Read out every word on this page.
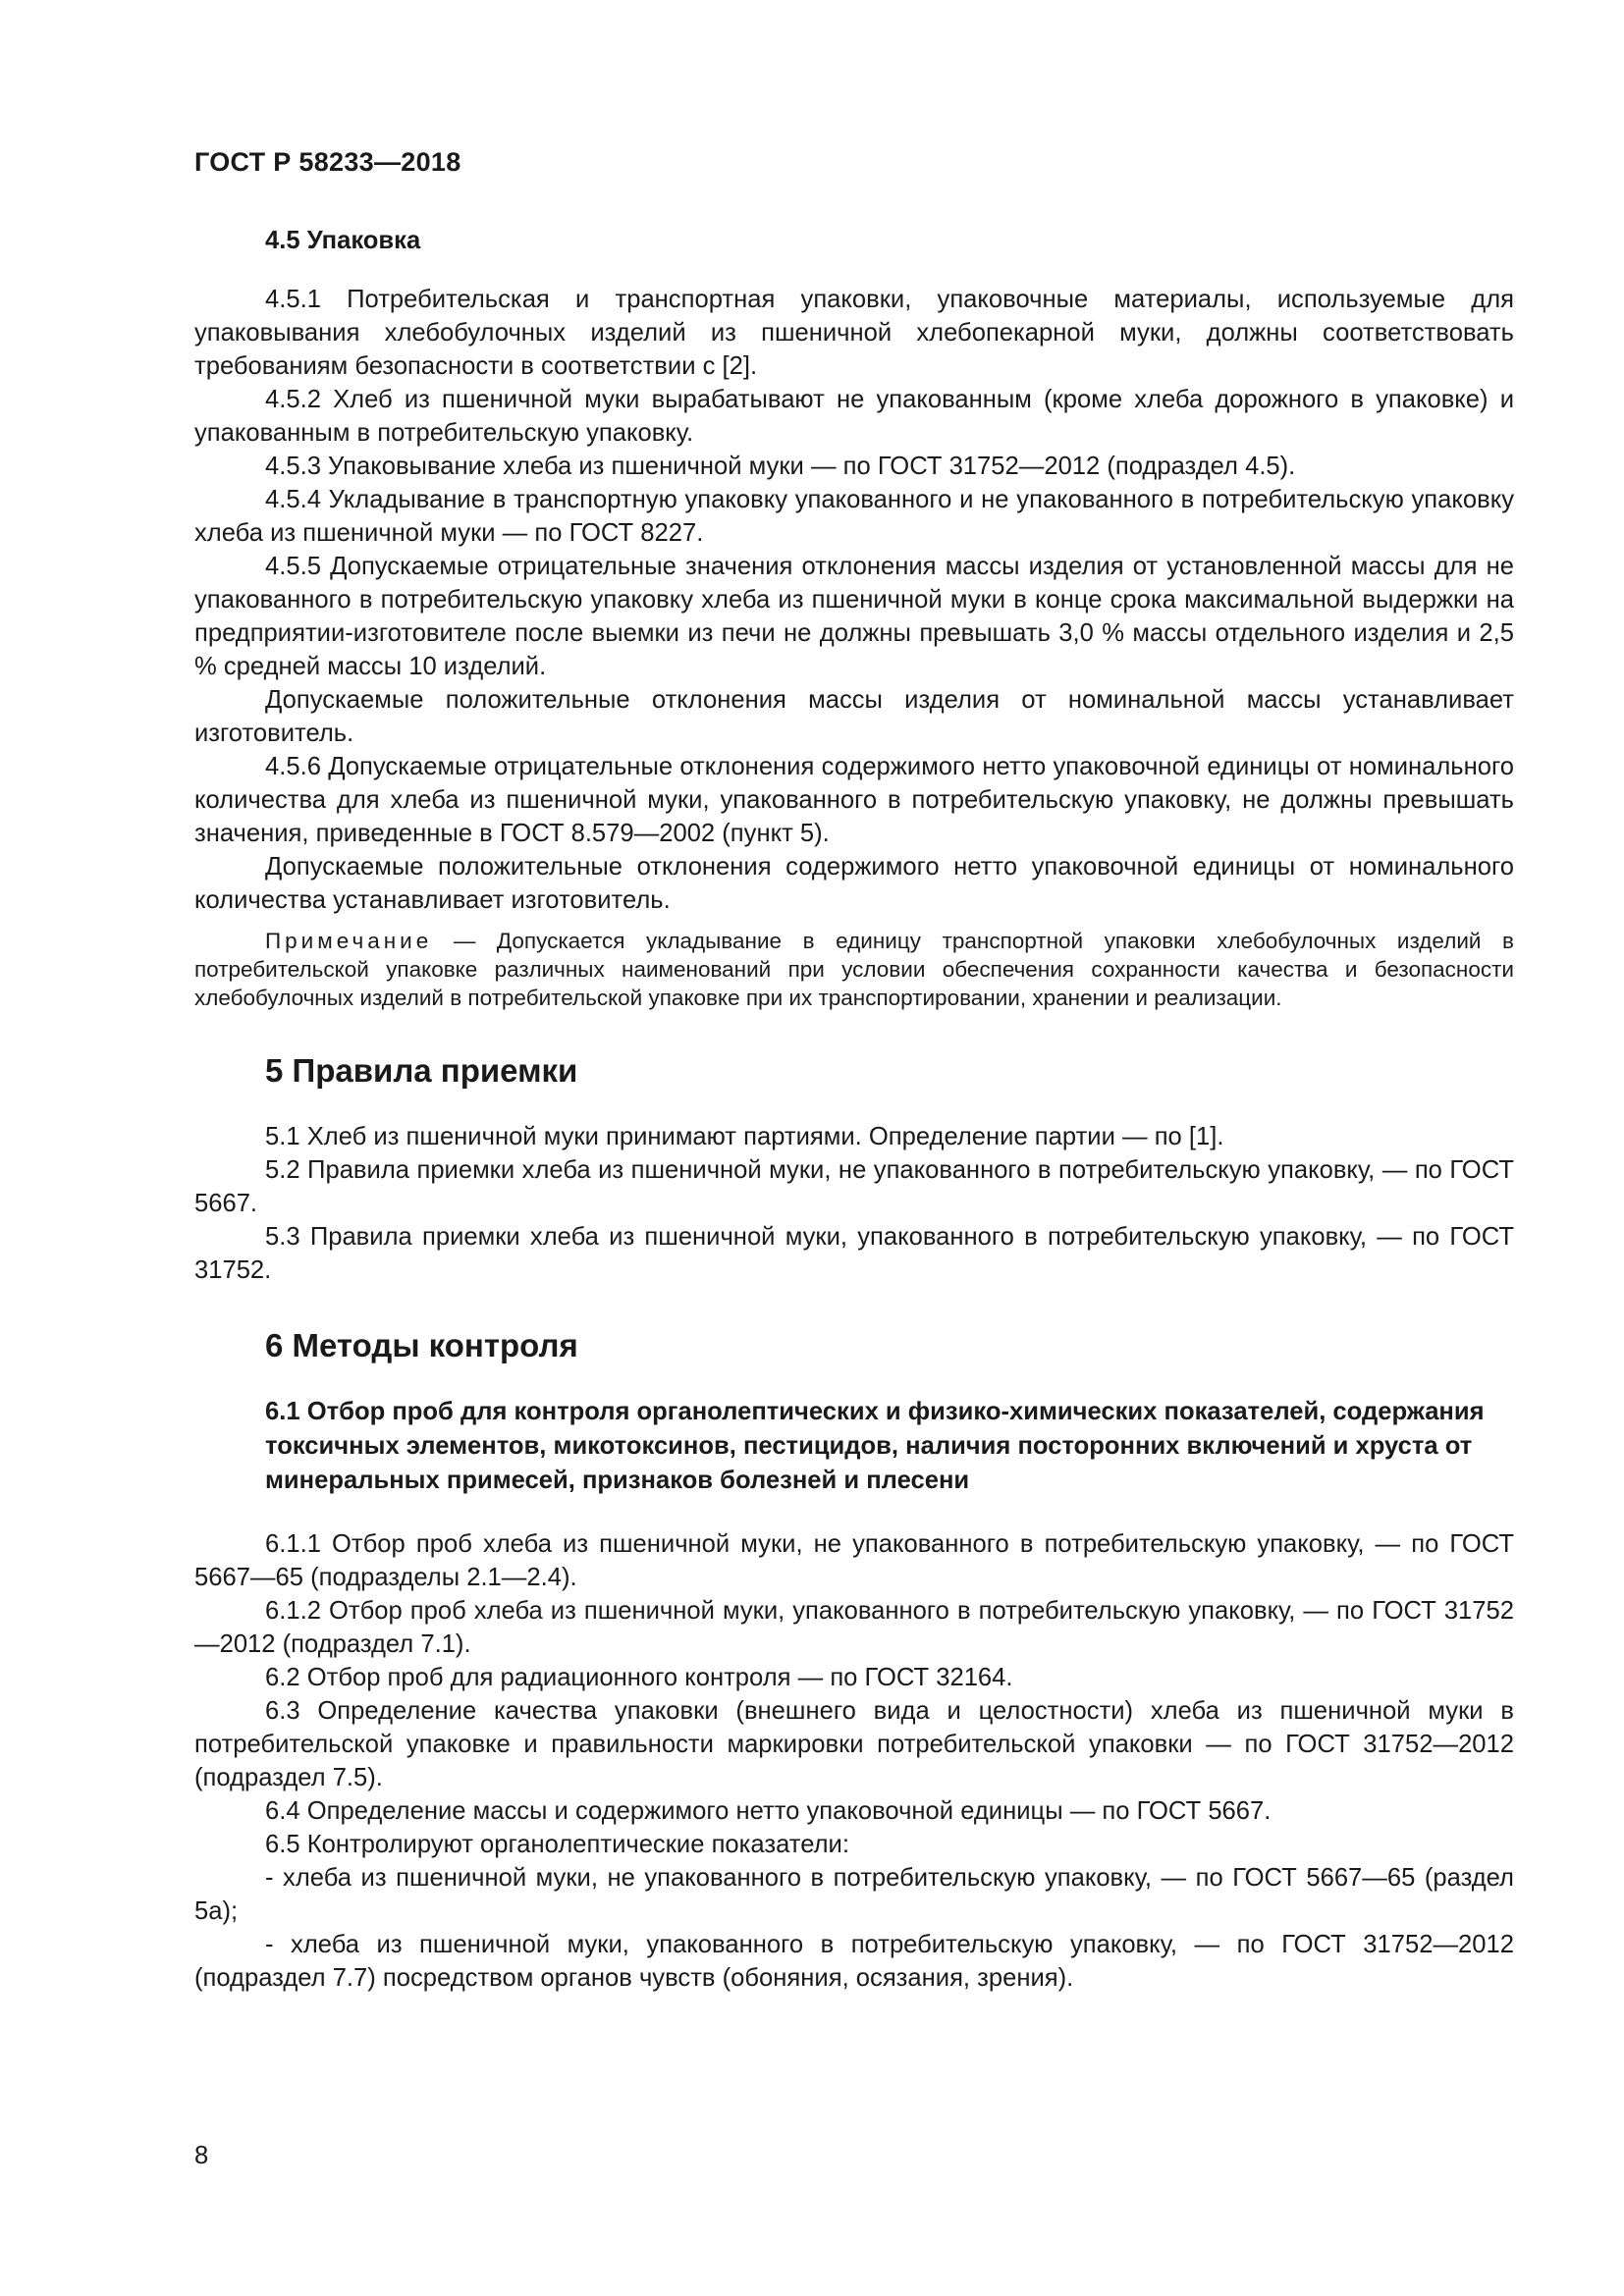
ГОСТ Р 58233—2018

4.5 Упаковка

4.5.1 Потребительская и транспортная упаковки, упаковочные материалы, используемые для упаковывания хлебобулочных изделий из пшеничной хлебопекарной муки, должны соответствовать требованиям безопасности в соответствии с [2].

4.5.2 Хлеб из пшеничной муки вырабатывают не упакованным (кроме хлеба дорожного в упаковке) и упакованным в потребительскую упаковку.

4.5.3 Упаковывание хлеба из пшеничной муки — по ГОСТ 31752—2012 (подраздел 4.5).

4.5.4 Укладывание в транспортную упаковку упакованного и не упакованного в потребительскую упаковку хлеба из пшеничной муки — по ГОСТ 8227.

4.5.5 Допускаемые отрицательные значения отклонения массы изделия от установленной массы для не упакованного в потребительскую упаковку хлеба из пшеничной муки в конце срока максимальной выдержки на предприятии-изготовителе после выемки из печи не должны превышать 3,0 % массы отдельного изделия и 2,5 % средней массы 10 изделий.

Допускаемые положительные отклонения массы изделия от номинальной массы устанавливает изготовитель.

4.5.6 Допускаемые отрицательные отклонения содержимого нетто упаковочной единицы от номинального количества для хлеба из пшеничной муки, упакованного в потребительскую упаковку, не должны превышать значения, приведенные в ГОСТ 8.579—2002 (пункт 5).

Допускаемые положительные отклонения содержимого нетто упаковочной единицы от номинального количества устанавливает изготовитель.

Примечание — Допускается укладывание в единицу транспортной упаковки хлебобулочных изделий в потребительской упаковке различных наименований при условии обеспечения сохранности качества и безопасности хлебобулочных изделий в потребительской упаковке при их транспортировании, хранении и реализации.

5 Правила приемки

5.1 Хлеб из пшеничной муки принимают партиями. Определение партии — по [1].

5.2 Правила приемки хлеба из пшеничной муки, не упакованного в потребительскую упаковку, — по ГОСТ 5667.

5.3 Правила приемки хлеба из пшеничной муки, упакованного в потребительскую упаковку, — по ГОСТ 31752.

6 Методы контроля

6.1 Отбор проб для контроля органолептических и физико-химических показателей, содержания токсичных элементов, микотоксинов, пестицидов, наличия посторонних включений и хруста от минеральных примесей, признаков болезней и плесени

6.1.1 Отбор проб хлеба из пшеничной муки, не упакованного в потребительскую упаковку, — по ГОСТ 5667—65 (подразделы 2.1—2.4).

6.1.2 Отбор проб хлеба из пшеничной муки, упакованного в потребительскую упаковку, — по ГОСТ 31752—2012 (подраздел 7.1).

6.2 Отбор проб для радиационного контроля — по ГОСТ 32164.

6.3 Определение качества упаковки (внешнего вида и целостности) хлеба из пшеничной муки в потребительской упаковке и правильности маркировки потребительской упаковки — по ГОСТ 31752—2012 (подраздел 7.5).

6.4 Определение массы и содержимого нетто упаковочной единицы — по ГОСТ 5667.

6.5 Контролируют органолептические показатели:

- хлеба из пшеничной муки, не упакованного в потребительскую упаковку, — по ГОСТ 5667—65 (раздел 5а);

- хлеба из пшеничной муки, упакованного в потребительскую упаковку, — по ГОСТ 31752—2012 (подраздел 7.7) посредством органов чувств (обоняния, осязания, зрения).

8
